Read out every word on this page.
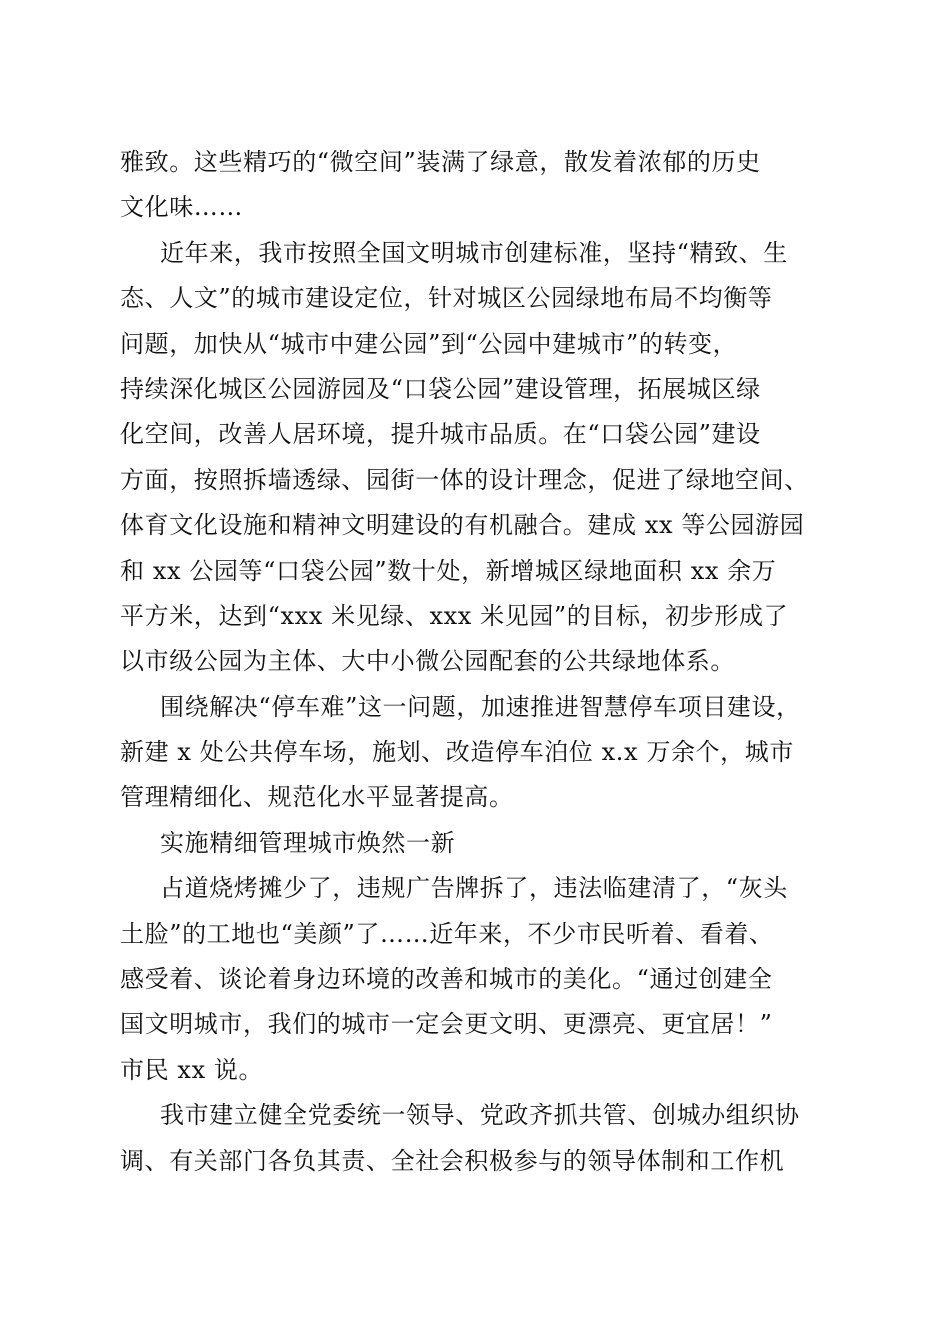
雅致。这些精巧的“微空间”装满了绿意，散发着浓郁的历史
文化味……
近年来，我市按照全国文明城市创建标准，坚持“精致、生
态、人文”的城市建设定位，针对城区公园绿地布局不均衡等
问题，加快从“城市中建公园”到“公园中建城市”的转变，
持续深化城区公园游园及“口袋公园”建设管理，拓展城区绿
化空间，改善人居环境，提升城市品质。在“口袋公园”建设
方面，按照拆墙透绿、园街一体的设计理念，促进了绿地空间、
体育文化设施和精神文明建设的有机融合。建成 xx 等公园游园
和 xx 公园等“口袋公园”数十处，新增城区绿地面积 xx 余万
平方米，达到“xxx 米见绿、xxx 米见园”的目标，初步形成了
以市级公园为主体、大中小微公园配套的公共绿地体系。
围绕解决“停车难”这一问题，加速推进智慧停车项目建设，
新建 x 处公共停车场，施划、改造停车泊位 x.x 万余个，城市
管理精细化、规范化水平显著提高。
实施精细管理城市焕然一新
占道烧烤摊少了，违规广告牌拆了，违法临建清了，“灰头
土脸”的工地也“美颜”了……近年来，不少市民听着、看着、
感受着、谈论着身边环境的改善和城市的美化。“通过创建全
国文明城市，我们的城市一定会更文明、更漂亮、更宜居！”
市民 xx 说。
我市建立健全党委统一领导、党政齐抓共管、创城办组织协
调、有关部门各负其责、全社会积极参与的领导体制和工作机
